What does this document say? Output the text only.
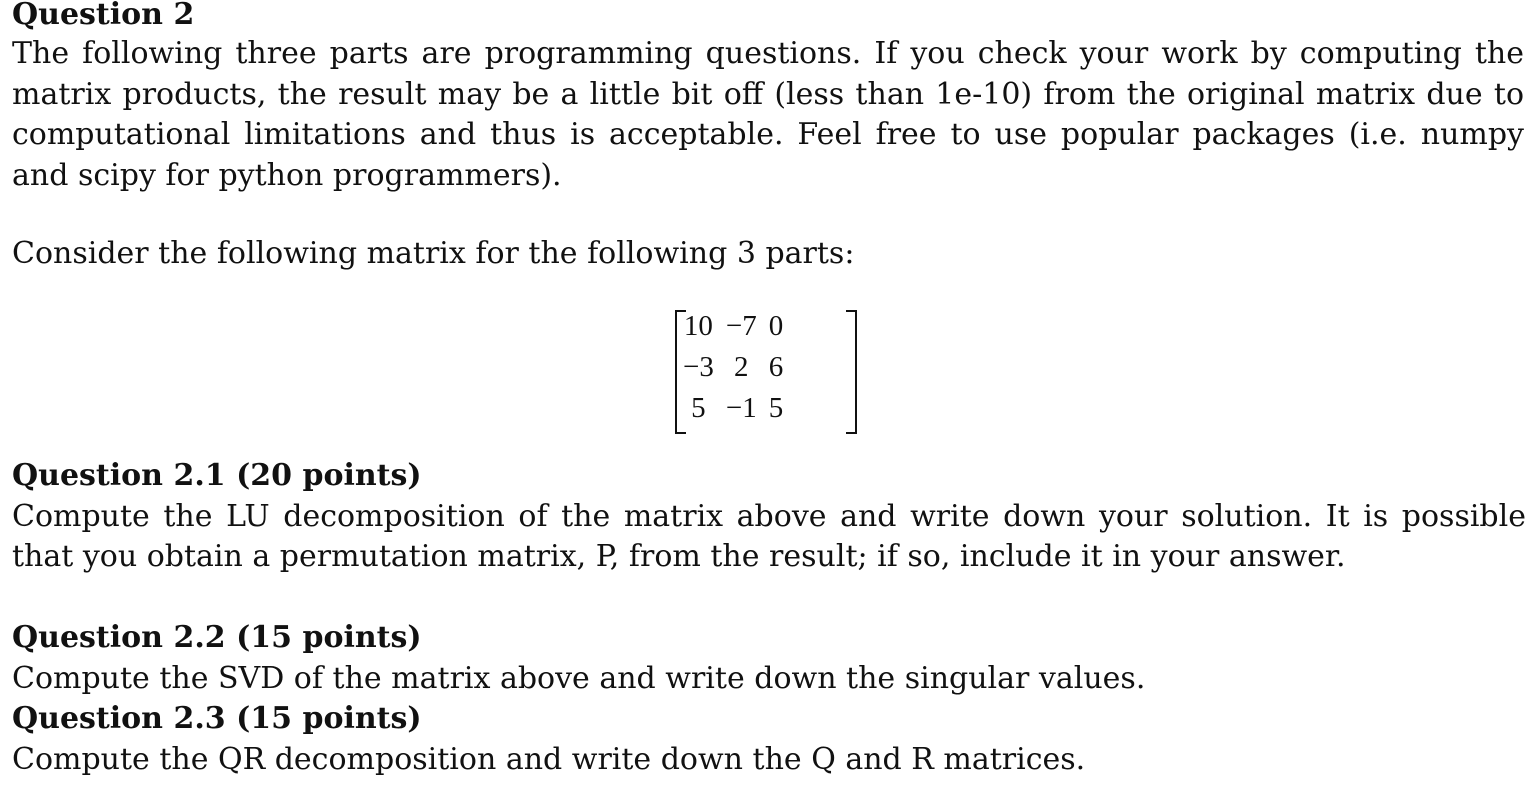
Question 2

The following three parts are programming questions. If you check your work by computing the matrix products, the result may be a little bit off (less than 1e-10) from the original matrix due to computational limitations and thus is acceptable. Feel free to use popular packages (i.e. numpy and scipy for python programmers).

Consider the following matrix for the following 3 parts:

10	−7	0
−3	2	6
5	−1	5

Question 2.1 (20 points)

Compute the LU decomposition of the matrix above and write down your solution. It is possible that you obtain a permutation matrix, P, from the result; if so, include it in your answer.

Question 2.2 (15 points)

Compute the SVD of the matrix above and write down the singular values.

Question 2.3 (15 points)

Compute the QR decomposition and write down the Q and R matrices.
